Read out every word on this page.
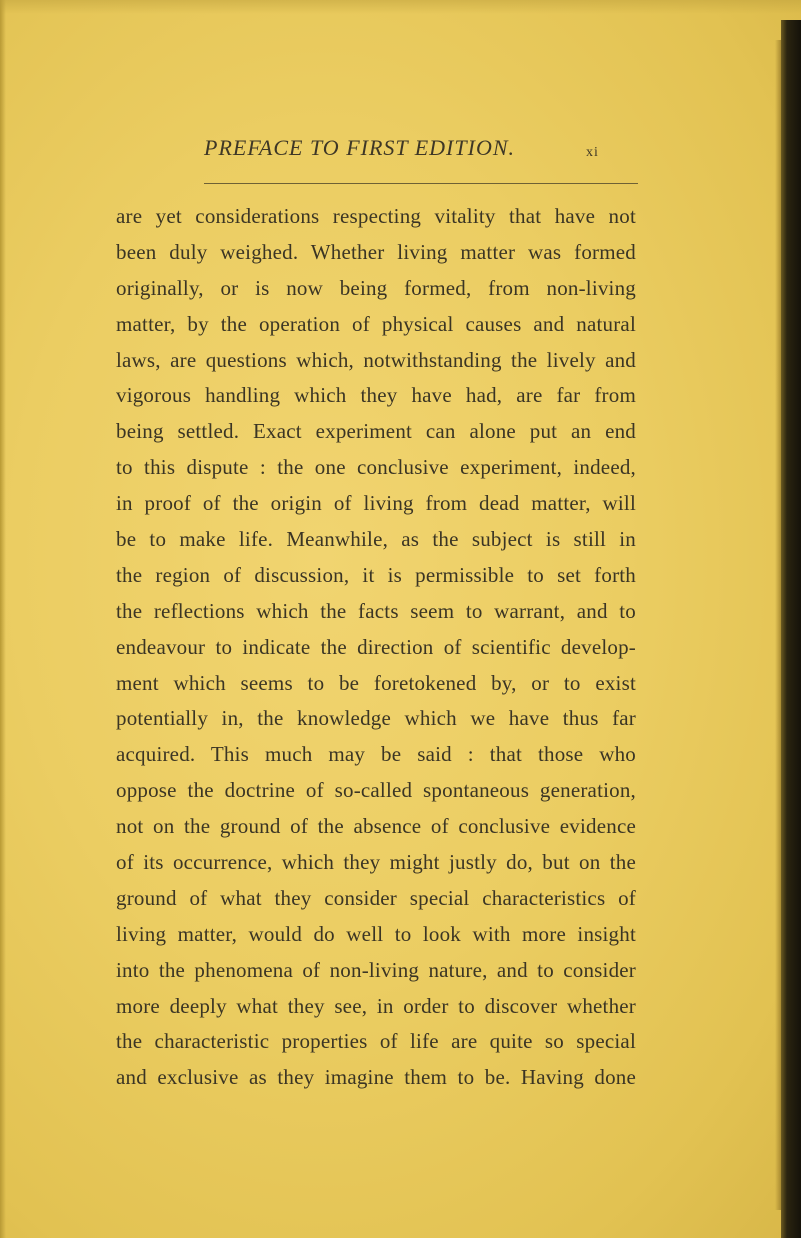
PREFACE TO FIRST EDITION.	xi
are yet considerations respecting vitality that have not
been duly weighed. Whether living matter was formed
originally, or is now being formed, from non-living
matter, by the operation of physical causes and natural
laws, are questions which, notwithstanding the lively and
vigorous handling which they have had, are far from
being settled. Exact experiment can alone put an end
to this dispute : the one conclusive experiment, indeed,
in proof of the origin of living from dead matter, will
be to make life. Meanwhile, as the subject is still in
the region of discussion, it is permissible to set forth
the reflections which the facts seem to warrant, and to
endeavour to indicate the direction of scientific develop-
ment which seems to be foretokened by, or to exist
potentially in, the knowledge which we have thus far
acquired. This much may be said : that those who
oppose the doctrine of so-called spontaneous generation,
not on the ground of the absence of conclusive evidence
of its occurrence, which they might justly do, but on the
ground of what they consider special characteristics of
living matter, would do well to look with more insight
into the phenomena of non-living nature, and to consider
more deeply what they see, in order to discover whether
the characteristic properties of life are quite so special
and exclusive as they imagine them to be. Having done
